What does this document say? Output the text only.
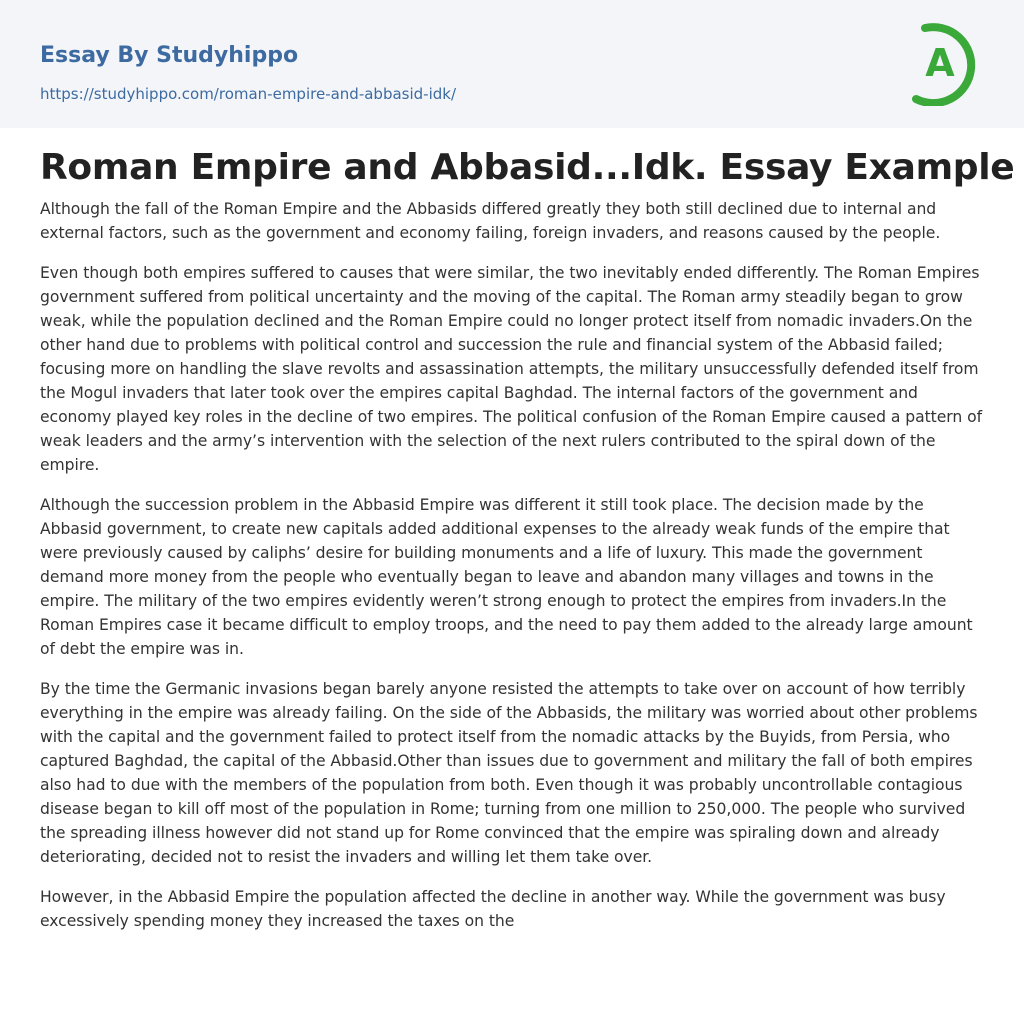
Essay By Studyhippo
https://studyhippo.com/roman-empire-and-abbasid-idk/
A
Roman Empire and Abbasid...Idk. Essay Example

Although the fall of the Roman Empire and the Abbasids differed greatly they both still declined due to internal and external factors, such as the government and economy failing, foreign invaders, and reasons caused by the people.

Even though both empires suffered to causes that were similar, the two inevitably ended differently. The Roman Empires government suffered from political uncertainty and the moving of the capital. The Roman army steadily began to grow weak, while the population declined and the Roman Empire could no longer protect itself from nomadic invaders.On the other hand due to problems with political control and succession the rule and financial system of the Abbasid failed; focusing more on handling the slave revolts and assassination attempts, the military unsuccessfully defended itself from the Mogul invaders that later took over the empires capital Baghdad. The internal factors of the government and economy played key roles in the decline of two empires. The political confusion of the Roman Empire caused a pattern of weak leaders and the army’s intervention with the selection of the next rulers contributed to the spiral down of the empire.

Although the succession problem in the Abbasid Empire was different it still took place. The decision made by the Abbasid government, to create new capitals added additional expenses to the already weak funds of the empire that were previously caused by caliphs’ desire for building monuments and a life of luxury. This made the government demand more money from the people who eventually began to leave and abandon many villages and towns in the empire. The military of the two empires evidently weren’t strong enough to protect the empires from invaders.In the Roman Empires case it became difficult to employ troops, and the need to pay them added to the already large amount of debt the empire was in.

By the time the Germanic invasions began barely anyone resisted the attempts to take over on account of how terribly everything in the empire was already failing. On the side of the Abbasids, the military was worried about other problems with the capital and the government failed to protect itself from the nomadic attacks by the Buyids, from Persia, who captured Baghdad, the capital of the Abbasid.Other than issues due to government and military the fall of both empires also had to due with the members of the population from both. Even though it was probably uncontrollable contagious disease began to kill off most of the population in Rome; turning from one million to 250,000. The people who survived the spreading illness however did not stand up for Rome convinced that the empire was spiraling down and already deteriorating, decided not to resist the invaders and willing let them take over.

However, in the Abbasid Empire the population affected the decline in another way. While the government was busy excessively spending money they increased the taxes on the
